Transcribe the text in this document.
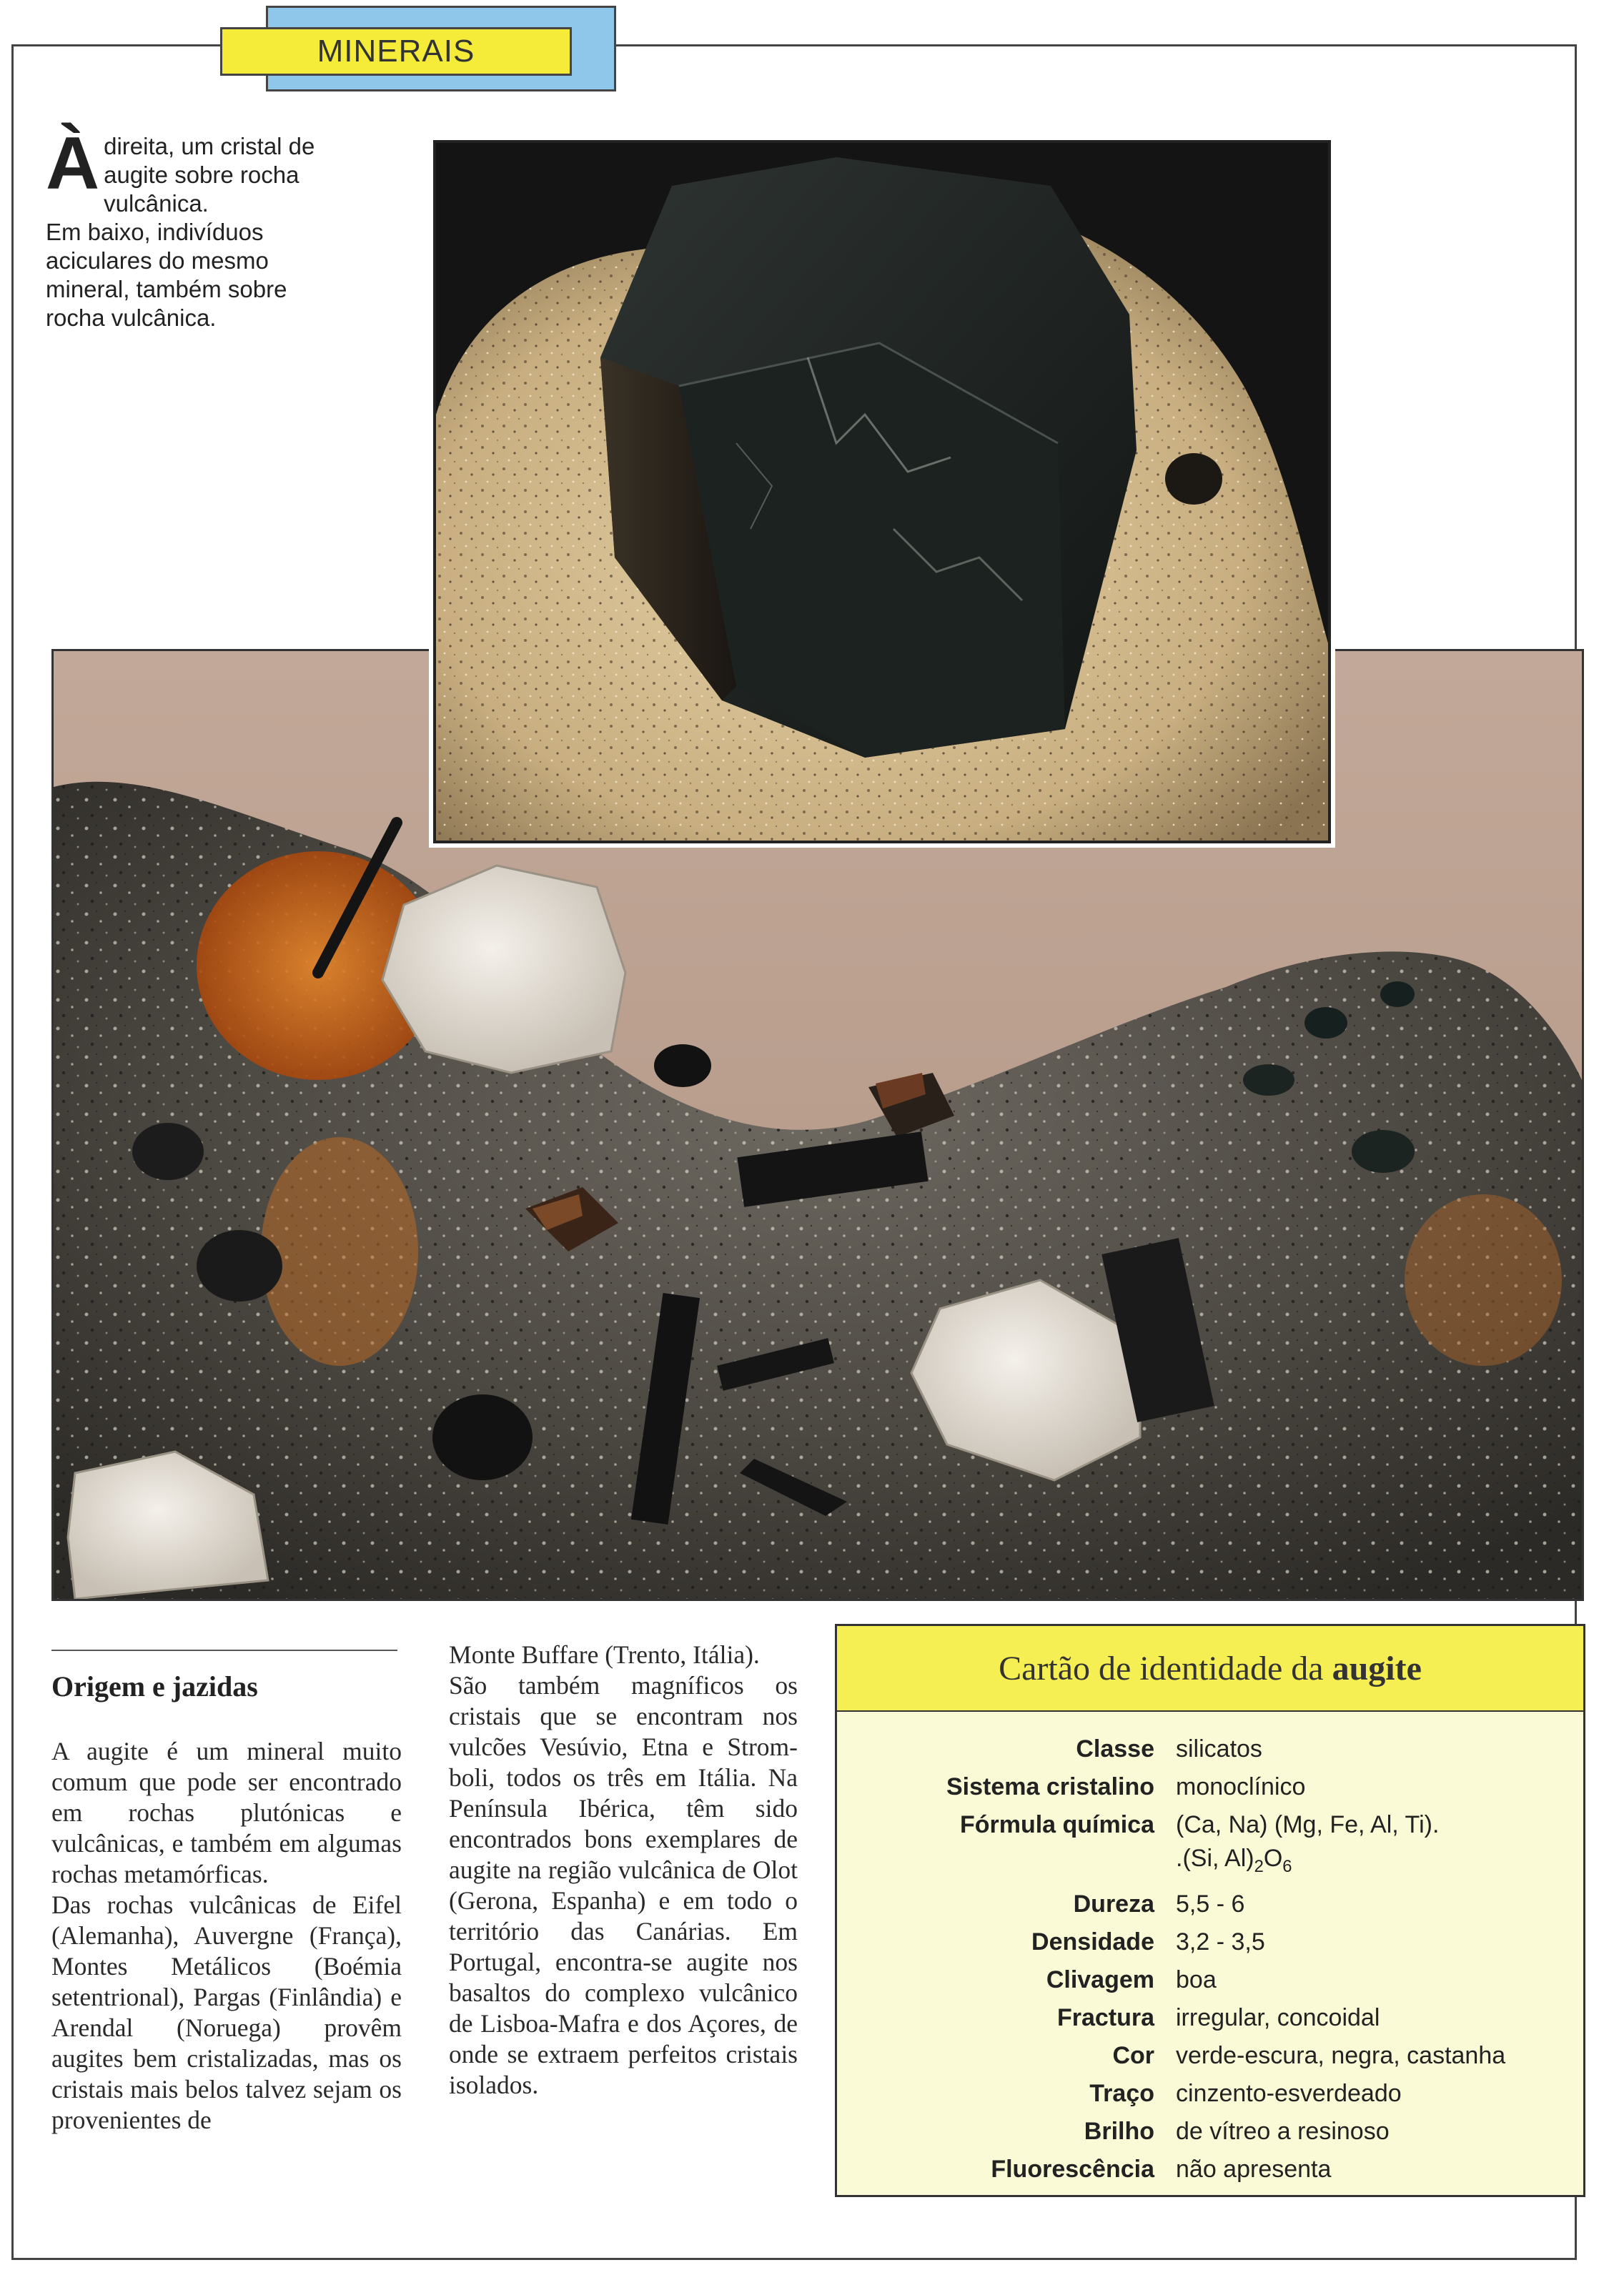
MINERAIS
Àdireita, um cristal de augite sobre rocha vulcânica.
Em baixo, indivíduos aciculares do mesmo mineral, também sobre rocha vulcânica.
Origem e jazidas

A augite é um mineral muito comum que pode ser encontrado em rochas plutónicas e vulcânicas, e também em algumas rochas metamórficas.

Das rochas vulcânicas de Eifel (Alemanha), Auvergne (França), Montes Metálicos (Boémia setentrional), Pargas (Finlândia) e Arendal (Noruega) provêm augites bem cristalizadas, mas os cristais mais belos talvez sejam os provenientes de

Monte Buffare (Trento, Itália).

São também magníficos os cristais que se encontram nos vulcões Vesúvio, Etna e Stromboli, todos os três em Itália. Na Península Ibérica, têm sido encontrados bons exemplares de augite na região vulcânica de Olot (Gerona, Espanha) e em todo o território das Canárias. Em Portugal, encontra-se augite nos basaltos do complexo vulcânico de Lisboa-Mafra e dos Açores, de onde se extraem perfeitos cristais isolados.

Cartão de identidade da augite
Classe silicatos
Sistema cristalino monoclínico
Fórmula química (Ca, Na) (Mg, Fe, Al, Ti).
.(Si, $Al)_2O_6$
Dureza 5,5 - 6
Densidade 3,2 - 3,5
Clivagem boa
Fractura irregular, concoidal
Cor verde-escura, negra, castanha
Traço cinzento-esverdeado
Brilho de vítreo a resinoso
Fluorescência não apresenta
